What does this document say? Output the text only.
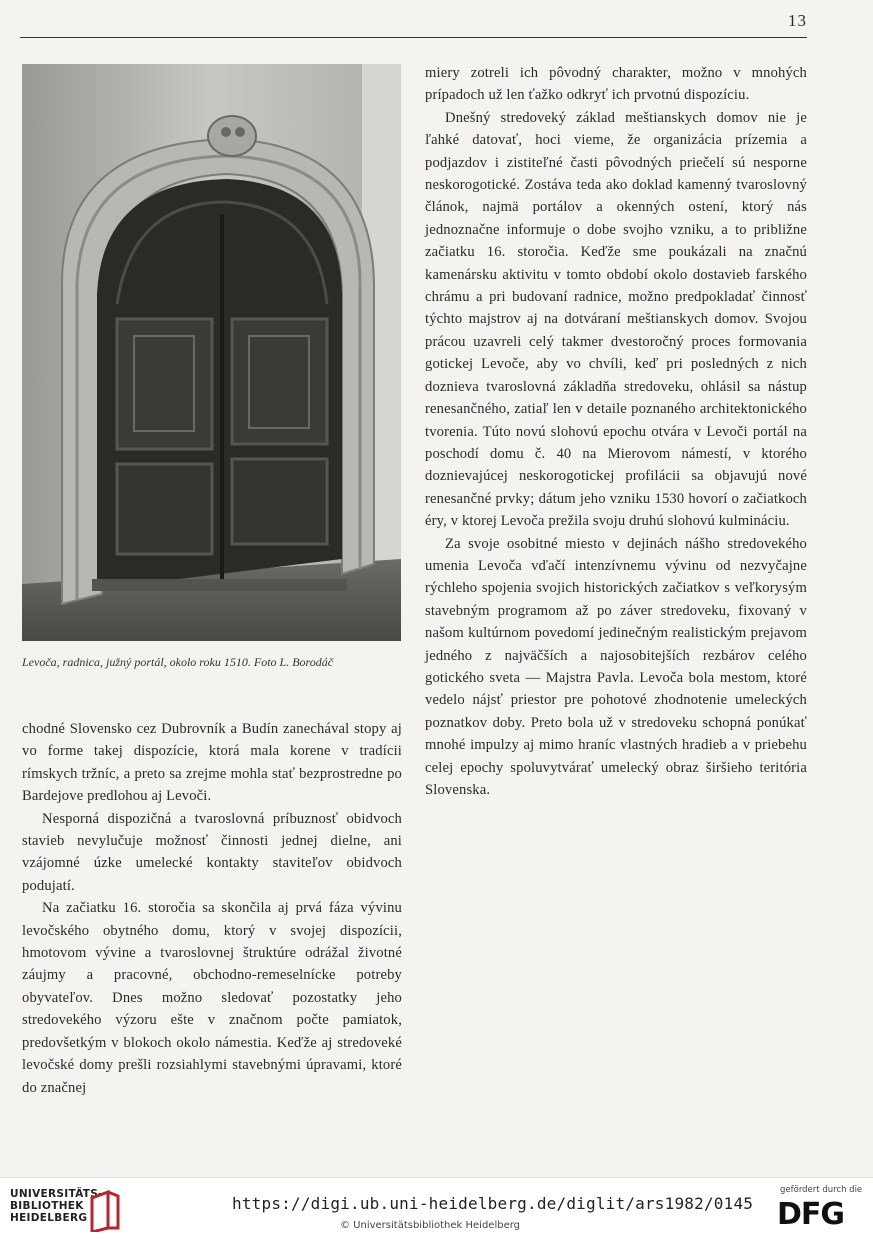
13
Levoča, radnica, južný portál, okolo roku 1510. Foto L. Borodáč

chodné Slovensko cez Dubrovník a Budín zanechával stopy aj vo forme takej dispozície, ktorá mala korene v tradícii rímskych tržníc, a preto sa zrejme mohla stať bezprostredne po Bardejove predlohou aj Levoči.

Nesporná dispozičná a tvaroslovná príbuznosť obidvoch stavieb nevylučuje možnosť činnosti jednej dielne, ani vzájomné úzke umelecké kontakty staviteľov obidvoch podujatí.

Na začiatku 16. storočia sa skončila aj prvá fáza vývinu levočského obytného domu, ktorý v svojej dispozícii, hmotovom vývine a tvaroslovnej štruktúre odrážal životné záujmy a pracovné, obchodno-remeselnícke potreby obyvateľov. Dnes možno sledovať pozostatky jeho stredovekého výzoru ešte v značnom počte pamiatok, predovšetkým v blokoch okolo námestia. Keďže aj stredoveké levočské domy prešli rozsiahlymi stavebnými úpravami, ktoré do značnej

miery zotreli ich pôvodný charakter, možno v mnohých prípadoch už len ťažko odkryť ich prvotnú dispozíciu.

Dnešný stredoveký základ meštianskych domov nie je ľahké datovať, hoci vieme, že organizácia prízemia a podjazdov i zistiteľné časti pôvodných priečelí sú nesporne neskorogotické. Zostáva teda ako doklad kamenný tvaroslovný článok, najmä portálov a okenných ostení, ktorý nás jednoznačne informuje o dobe svojho vzniku, a to približne začiatku 16. storočia. Keďže sme poukázali na značnú kamenársku aktivitu v tomto období okolo dostavieb farského chrámu a pri budovaní radnice, možno predpokladať činnosť týchto majstrov aj na dotváraní meštianskych domov. Svojou prácou uzavreli celý takmer dvestoročný proces formovania gotickej Levoče, aby vo chvíli, keď pri posledných z nich doznieva tvaroslovná základňa stredoveku, ohlásil sa nástup renesančného, zatiaľ len v detaile poznaného architektonického tvorenia. Túto novú slohovú epochu otvára v Levoči portál na poschodí domu č. 40 na Mierovom námestí, v ktorého doznievajúcej neskorogotickej profilácii sa objavujú nové renesančné prvky; dátum jeho vzniku 1530 hovorí o začiatkoch éry, v ktorej Levoča prežila svoju druhú slohovú kulmináciu.

Za svoje osobitné miesto v dejinách nášho stredovekého umenia Levoča vďačí intenzívnemu vývinu od nezvyčajne rýchleho spojenia svojich historických začiatkov s veľkorysým stavebným programom až po záver stredoveku, fixovaný v našom kultúrnom povedomí jedinečným realistickým prejavom jedného z najväčších a najosobitejších rezbárov celého gotického sveta — Majstra Pavla. Levoča bola mestom, ktoré vedelo nájsť priestor pre pohotové zhodnotenie umeleckých poznatkov doby. Preto bola už v stredoveku schopná ponúkať mnohé impulzy aj mimo hraníc vlastných hradieb a v priebehu celej epochy spoluvytvárať umelecký obraz širšieho teritória Slovenska.

UNIVERSITÄTS-
BIBLIOTHEK
HEIDELBERG
https://digi.ub.uni-heidelberg.de/diglit/ars1982/0145
© Universitätsbibliothek Heidelberg
gefördert durch die
DFG
